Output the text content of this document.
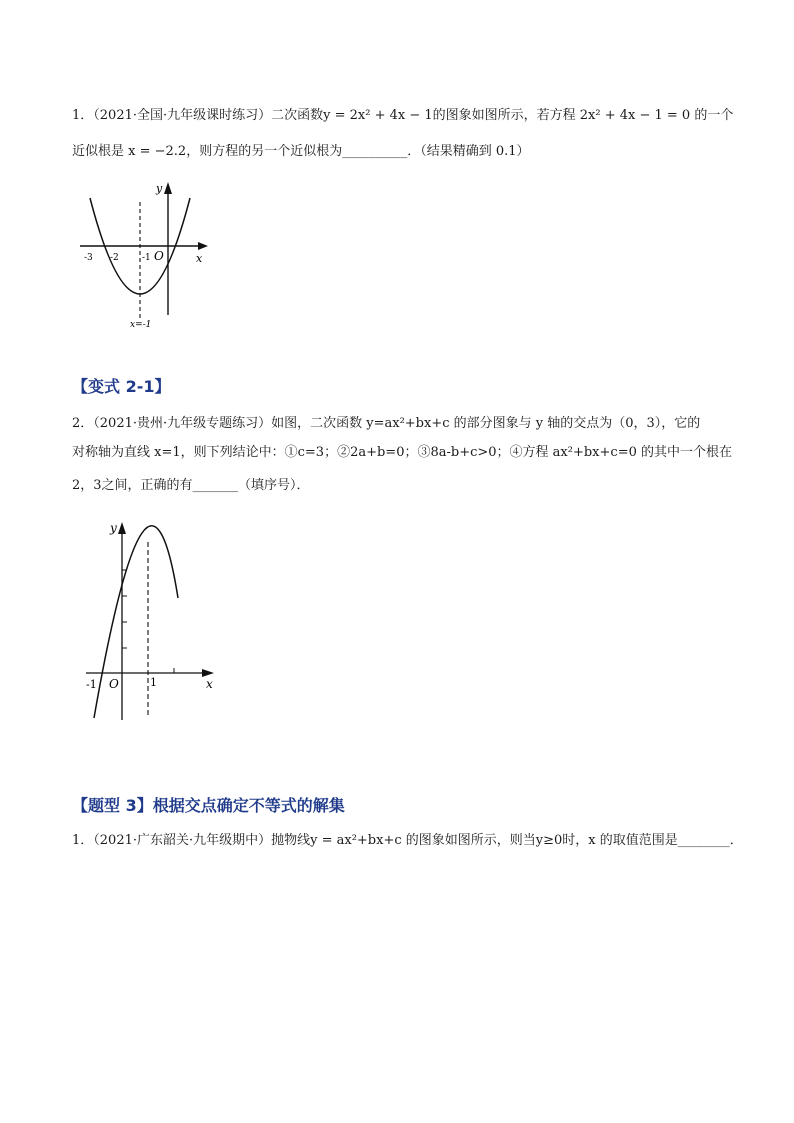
1．（2021·全国·九年级课时练习）二次函数y = 2x² + 4x − 1的图象如图所示，若方程 2x² + 4x − 1 = 0 的一个
近似根是 x = −2.2，则方程的另一个近似根为__________．（结果精确到 0.1）
-3 -2	-1 O	x
y
x=-1
【变式 2-1】
2．（2021·贵州·九年级专题练习）如图，二次函数 y=ax²+bx+c 的部分图象与 y 轴的交点为（0，3），它的
对称轴为直线 x=1，则下列结论中：①c=3；②2a+b=0；③8a-b+c>0；④方程 ax²+bx+c=0 的其中一个根在
2，3之间，正确的有_______（填序号）．
y
x
O
-1	1
【题型 3】根据交点确定不等式的解集
1．（2021·广东韶关·九年级期中）抛物线y = ax²+bx+c 的图象如图所示，则当y≥0时，x 的取值范围是________．
